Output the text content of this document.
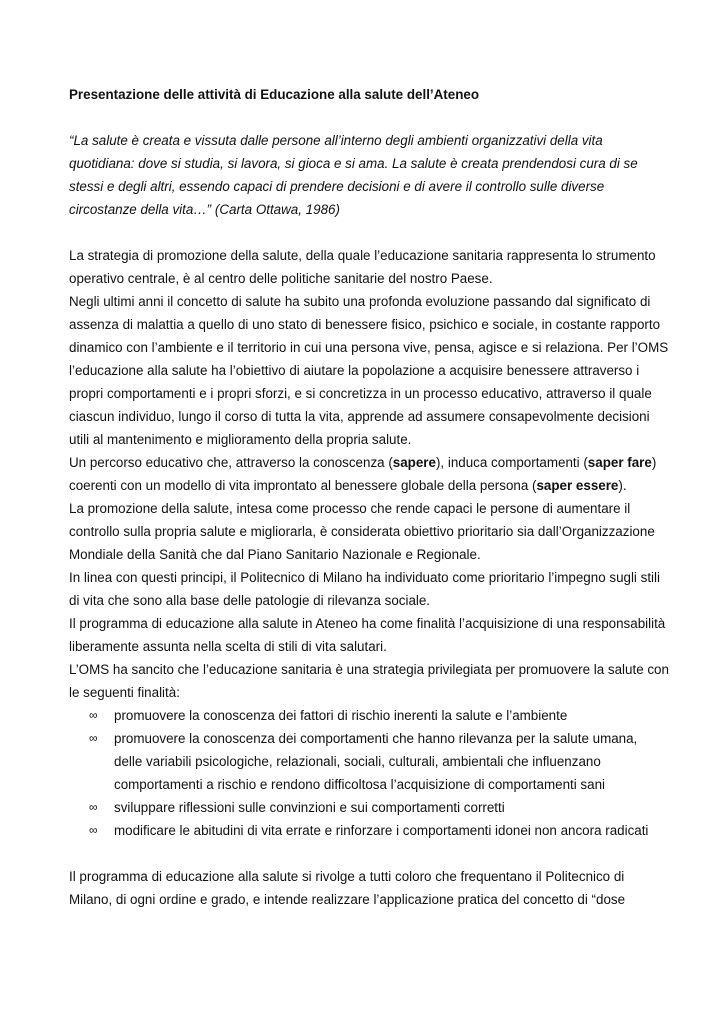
Presentazione delle attività di Educazione alla salute dell’Ateneo

“La salute è creata e vissuta dalle persone all’interno degli ambienti organizzativi della vita quotidiana: dove si studia, si lavora, si gioca e si ama. La salute è creata prendendosi cura di se stessi e degli altri, essendo capaci di prendere decisioni e di avere il controllo sulle diverse circostanze della vita…” (Carta Ottawa, 1986)

La strategia di promozione della salute, della quale l’educazione sanitaria rappresenta lo strumento operativo centrale, è al centro delle politiche sanitarie del nostro Paese.

Negli ultimi anni il concetto di salute ha subito una profonda evoluzione passando dal significato di assenza di malattia a quello di uno stato di benessere fisico, psichico e sociale, in costante rapporto dinamico con l’ambiente e il territorio in cui una persona vive, pensa, agisce e si relaziona. Per l’OMS l’educazione alla salute ha l’obiettivo di aiutare la popolazione a acquisire benessere attraverso i propri comportamenti e i propri sforzi, e si concretizza in un processo educativo, attraverso il quale ciascun individuo, lungo il corso di tutta la vita, apprende ad assumere consapevolmente decisioni utili al mantenimento e miglioramento della propria salute.

Un percorso educativo che, attraverso la conoscenza (sapere), induca comportamenti (saper fare) coerenti con un modello di vita improntato al benessere globale della persona (saper essere).

La promozione della salute, intesa come processo che rende capaci le persone di aumentare il controllo sulla propria salute e migliorarla, è considerata obiettivo prioritario sia dall’Organizzazione Mondiale della Sanità che dal Piano Sanitario Nazionale e Regionale.

In linea con questi principi, il Politecnico di Milano ha individuato come prioritario l’impegno sugli stili di vita che sono alla base delle patologie di rilevanza sociale.

Il programma di educazione alla salute in Ateneo ha come finalità l’acquisizione di una responsabilità liberamente assunta nella scelta di stili di vita salutari.

L’OMS ha sancito che l’educazione sanitaria è una strategia privilegiata per promuovere la salute con le seguenti finalità:

∞ promuovere la conoscenza dei fattori di rischio inerenti la salute e l’ambiente
∞ promuovere la conoscenza dei comportamenti che hanno rilevanza per la salute umana, delle variabili psicologiche, relazionali, sociali, culturali, ambientali che influenzano comportamenti a rischio e rendono difficoltosa l’acquisizione di comportamenti sani
∞ sviluppare riflessioni sulle convinzioni e sui comportamenti corretti
∞ modificare le abitudini di vita errate e rinforzare i comportamenti idonei non ancora radicati

Il programma di educazione alla salute si rivolge a tutti coloro che frequentano il Politecnico di Milano, di ogni ordine e grado, e intende realizzare l’applicazione pratica del concetto di “dose
